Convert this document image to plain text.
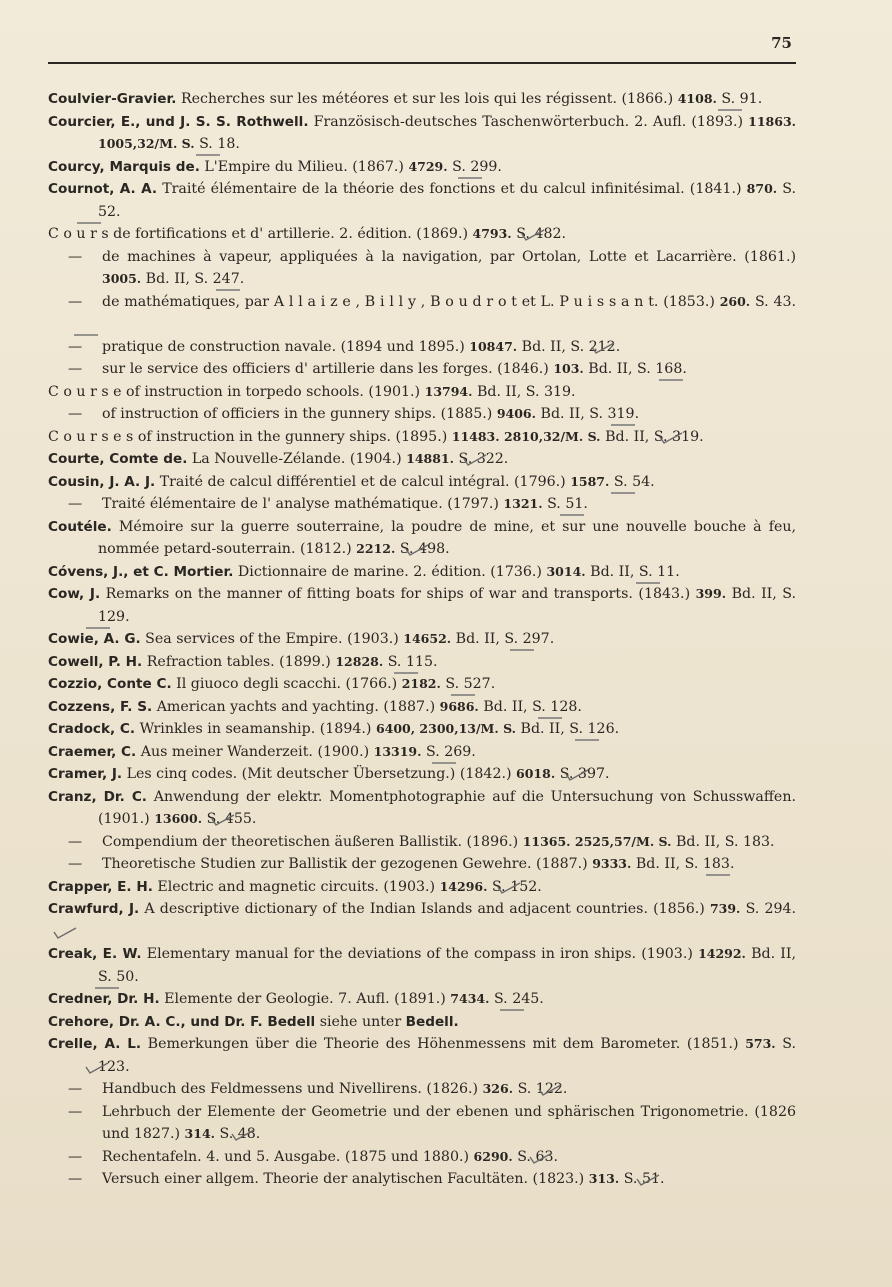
75
Coulvier-Gravier. Recherches sur les météores et sur les lois qui les régissent. (1866.) 4108. S. 91.
Courcier, E., und J. S. S. Rothwell. Französisch-deutsches Taschenwörterbuch. 2. Aufl. (1893.) 11863. 1005,32/M. S. S. 18.
Courcy, Marquis de. L'Empire du Milieu. (1867.) 4729. S. 299.
Cournot, A. A. Traité élémentaire de la théorie des fonctions et du calcul infinitésimal. (1841.) 870. S. 52.
C o u r s de fortifications et d' artillerie. 2. édition. (1869.) 4793. S. 482.
— de machines à vapeur, appliquées à la navigation, par Ortolan, Lotte et Lacarrière. (1861.) 3005. Bd. II, S. 247.
— de mathématiques, par A l l a i z e , B i l l y , B o u d r o t et L. P u i s s a n t. (1853.) 260. S. 43.
— pratique de construction navale. (1894 und 1895.) 10847. Bd. II, S. 212.
— sur le service des officiers d' artillerie dans les forges. (1846.) 103. Bd. II, S. 168.
C o u r s e of instruction in torpedo schools. (1901.) 13794. Bd. II, S. 319.
— of instruction of officiers in the gunnery ships. (1885.) 9406. Bd. II, S. 319.
C o u r s e s of instruction in the gunnery ships. (1895.) 11483. 2810,32/M. S. Bd. II, S. 319.
Courte, Comte de. La Nouvelle-Zélande. (1904.) 14881. S. 322.
Cousin, J. A. J. Traité de calcul différentiel et de calcul intégral. (1796.) 1587. S. 54.
— Traité élémentaire de l' analyse mathématique. (1797.) 1321. S. 51.
Coutéle. Mémoire sur la guerre souterraine, la poudre de mine, et sur une nouvelle bouche à feu, nommée petard-souterrain. (1812.) 2212. S. 498.
Cóvens, J., et C. Mortier. Dictionnaire de marine. 2. édition. (1736.) 3014. Bd. II, S. 11.
Cow, J. Remarks on the manner of fitting boats for ships of war and transports. (1843.) 399. Bd. II, S. 129.
Cowie, A. G. Sea services of the Empire. (1903.) 14652. Bd. II, S. 297.
Cowell, P. H. Refraction tables. (1899.) 12828. S. 115.
Cozzio, Conte C. Il giuoco degli scacchi. (1766.) 2182. S. 527.
Cozzens, F. S. American yachts and yachting. (1887.) 9686. Bd. II, S. 128.
Cradock, C. Wrinkles in seamanship. (1894.) 6400, 2300,13/M. S. Bd. II, S. 126.
Craemer, C. Aus meiner Wanderzeit. (1900.) 13319. S. 269.
Cramer, J. Les cinq codes. (Mit deutscher Übersetzung.) (1842.) 6018. S. 397.
Cranz, Dr. C. Anwendung der elektr. Momentphotographie auf die Untersuchung von Schusswaffen. (1901.) 13600. S. 455.
— Compendium der theoretischen äußeren Ballistik. (1896.) 11365. 2525,57/M. S. Bd. II, S. 183.
— Theoretische Studien zur Ballistik der gezogenen Gewehre. (1887.) 9333. Bd. II, S. 183.
Crapper, E. H. Electric and magnetic circuits. (1903.) 14296. S. 152.
Crawfurd, J. A descriptive dictionary of the Indian Islands and adjacent countries. (1856.) 739. S. 294.
Creak, E. W. Elementary manual for the deviations of the compass in iron ships. (1903.) 14292. Bd. II, S. 50.
Credner, Dr. H. Elemente der Geologie. 7. Aufl. (1891.) 7434. S. 245.
Crehore, Dr. A. C., und Dr. F. Bedell siehe unter Bedell.
Crelle, A. L. Bemerkungen über die Theorie des Höhenmessens mit dem Barometer. (1851.) 573. S. 123.
— Handbuch des Feldmessens und Nivellirens. (1826.) 326. S. 122.
— Lehrbuch der Elemente der Geometrie und der ebenen und sphärischen Trigonometrie. (1826 und 1827.) 314. S. 48.
— Rechentafeln. 4. und 5. Ausgabe. (1875 und 1880.) 6290. S. 63.
— Versuch einer allgem. Theorie der analytischen Facultäten. (1823.) 313. S. 51.
